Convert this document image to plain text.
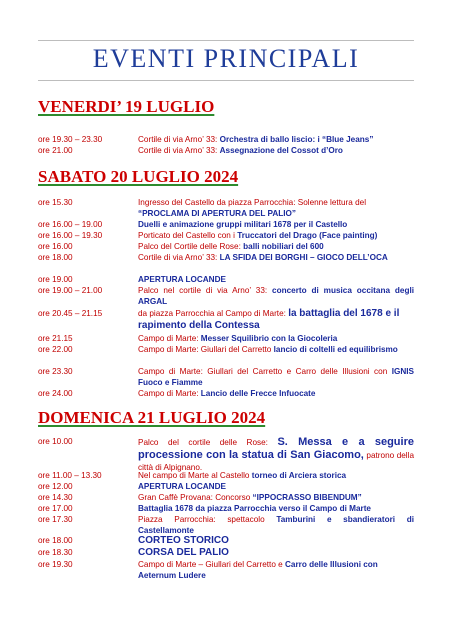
EVENTI PRINCIPALI
VENERDI’ 19 LUGLIO
ore 19.30 – 23.30	Cortile di via Arno’ 33: Orchestra di ballo liscio: i “Blue Jeans”
ore 21.00	Cortile di via Arno’ 33: Assegnazione del Cossot d’Oro
SABATO 20 LUGLIO 2024
ore 15.30	Ingresso del Castello da piazza Parrocchia: Solenne lettura del “PROCLAMA DI APERTURA DEL PALIO”
ore 16.00 – 19.00	Duelli e animazione gruppi militari 1678 per il Castello
ore 16.00 – 19.30	Porticato del Castello con i Truccatori del Drago (Face painting)
ore 16.00	Palco del Cortile delle Rose: balli nobiliari del 600
ore 18.00	Cortile di via Arno’ 33: LA SFIDA DEI BORGHI – GIOCO DELL’OCA
ore 19.00	APERTURA LOCANDE
ore 19.00 – 21.00	Palco nel cortile di via Arno’ 33: concerto di musica occitana degli ARGAL
ore 20.45 – 21.15	da piazza Parrocchia al Campo di Marte: la battaglia del 1678 e il rapimento della Contessa
ore 21.15	Campo di Marte: Messer Squilibrio con la Giocoleria
ore 22.00	Campo di Marte: Giullari del Carretto lancio di coltelli ed equilibrismo
ore 23.30	Campo di Marte: Giullari del Carretto e Carro delle Illusioni con IGNIS Fuoco e Fiamme
ore 24.00	Campo di Marte: Lancio delle Frecce Infuocate
DOMENICA 21 LUGLIO 2024
ore 10.00	Palco del cortile delle Rose: S. Messa e a seguire processione con la statua di San Giacomo, patrono della città di Alpignano.
ore 11.00 – 13.30	Nel campo di Marte al Castello torneo di Arciera storica
ore 12.00	APERTURA LOCANDE
ore 14.30	Gran Caffè Provana: Concorso “IPPOCRASSO BIBENDUM”
ore 17.00	Battaglia 1678 da piazza Parrocchia verso il Campo di Marte
ore 17.30	Piazza Parrocchia: spettacolo Tamburini e sbandieratori di Castellamonte
ore 18.00	CORTEO STORICO
ore 18.30	CORSA DEL PALIO
ore 19.30	Campo di Marte – Giullari del Carretto e Carro delle Illusioni con Aeternum Ludere
